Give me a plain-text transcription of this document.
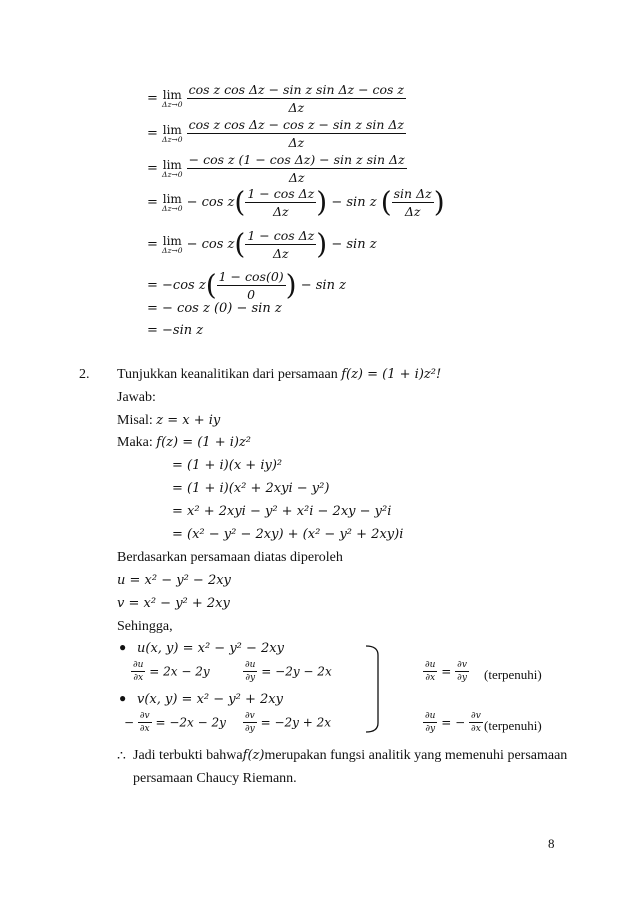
= lim
Δz→0
$\frac{\text{cos z cos Δz − sin z sin Δz − cos z}}{\Delta z}$
= lim
Δz→0
$\frac{\text{cos z cos Δz − cos z − sin z sin Δz}}{\Delta z}$
= lim
Δz→0
$\frac{\text{− cos z (1 − cos Δz) − sin z sin Δz}}{\Delta z}$
= lim
$\Delta z\to 0 - \cos z( \frac{\text{1 − cos Δz}}{\Delta z}$ ) − sin z ( $\frac{\text{sin Δz}}{\Delta z}$ )
= lim
$\Delta z\to 0 - \cos z( \frac{\text{1 − cos Δz}}{\Delta z}$ ) − sin z
= −cos $z( \frac{1 - \cos(0)}{0}$ ) − sin z
= − cos z (0) − sin z
= −sin z
2. Tunjukkan keanalitikan dari persamaan f(z) = (1 + i)z²!
Jawab:
Misal: z = x + iy
Maka: f(z) = (1 + i)z²
= (1 + i)(x + iy)²
= (1 + i)(x² + 2xyi − y²)
= x² + 2xyi − y² + x²i − 2xy − y²i
= (x² − y² − 2xy) + (x² − y² + 2xy)i
Berdasarkan persamaan diatas diperoleh
u = x² − y² − 2xy
v = x² − y² + 2xy
Sehingga,
● u(x, y) = x² − y² − 2xy
$\frac{\partial u}{\partial x} = 2x - 2y$	$\frac{\partial u}{\partial y} = -2y - 2x$
● v(x, y) = x² − y² + 2xy
− $\frac{\partial v}{\partial x} = -2x - 2y \frac{\partial v}{\partial y} = -2y + 2x$
$\frac{\partial u}{\partial x} = \frac{\partial v}{\partial y}$ (terpenuhi)
$\frac{\partial u}{\partial y}$ = − $\frac{\partial v}{\partial x}$ (terpenuhi)
∴ Jadi terbukti bahwa f(z) merupakan fungsi analitik yang memenuhi persamaan
persamaan Chaucy Riemann.
8
